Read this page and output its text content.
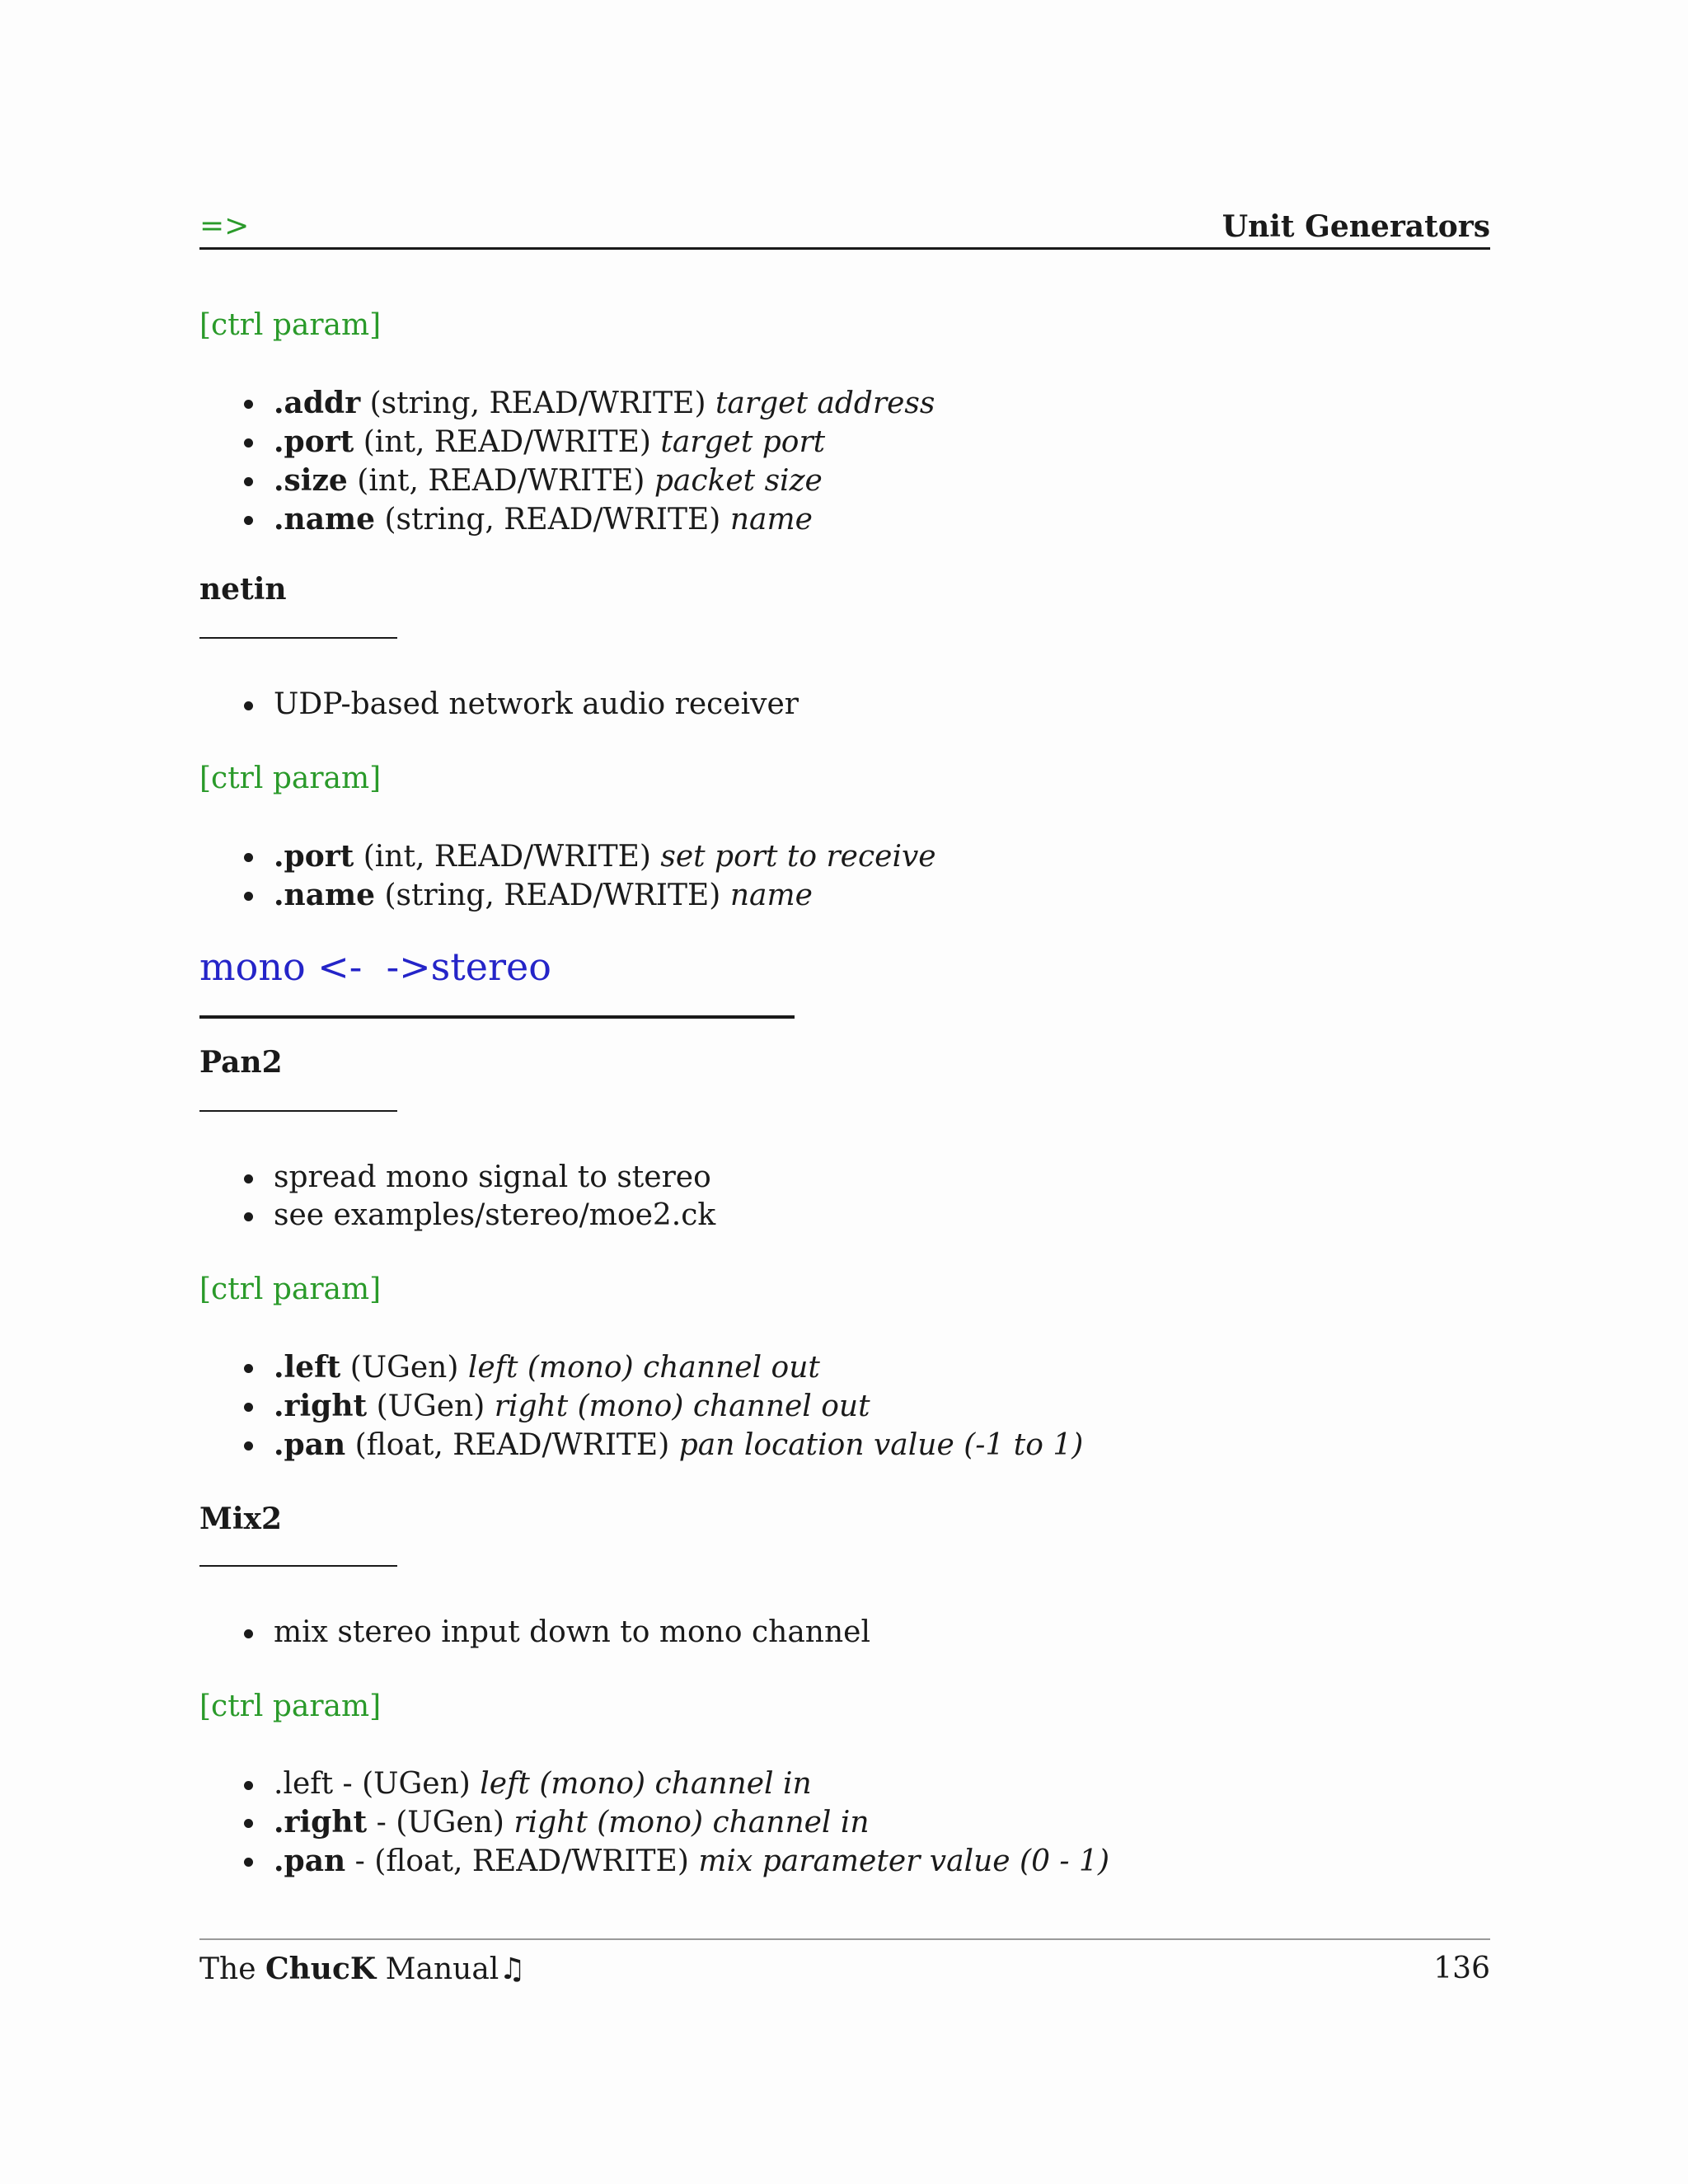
=>	Unit Generators
[ctrl param]
.addr (string, READ/WRITE) target address
.port (int, READ/WRITE) target port
.size (int, READ/WRITE) packet size
.name (string, READ/WRITE) name
netin
UDP-based network audio receiver
[ctrl param]
.port (int, READ/WRITE) set port to receive
.name (string, READ/WRITE) name
mono <-  ->stereo
Pan2
spread mono signal to stereo
see examples/stereo/moe2.ck
[ctrl param]
.left (UGen) left (mono) channel out
.right (UGen) right (mono) channel out
.pan (float, READ/WRITE) pan location value (-1 to 1)
Mix2
mix stereo input down to mono channel
[ctrl param]
.left - (UGen) left (mono) channel in
.right - (UGen) right (mono) channel in
.pan - (float, READ/WRITE) mix parameter value (0 - 1)
The ChucK Manual♫	136
